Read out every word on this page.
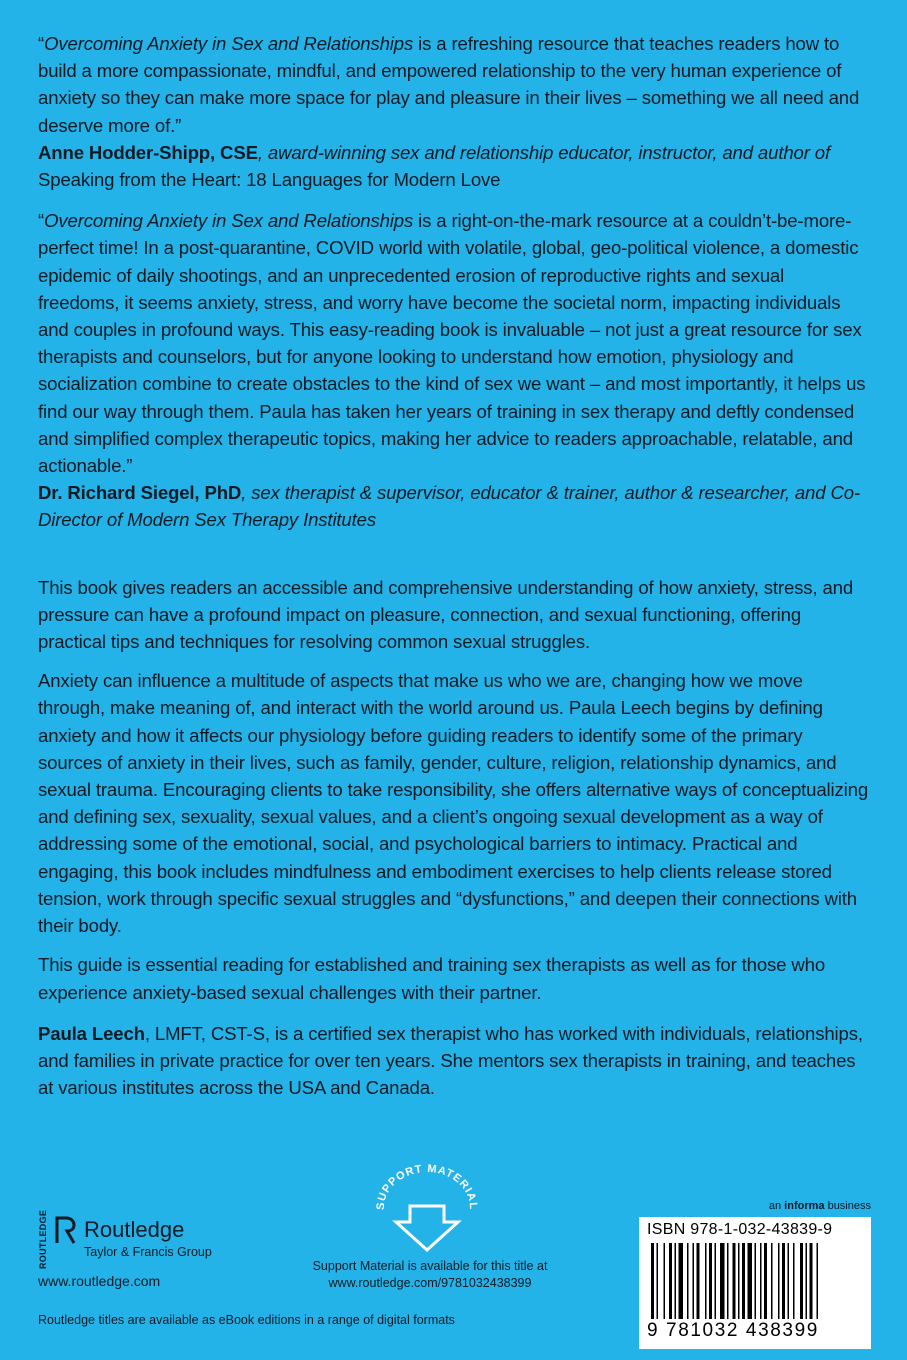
“Overcoming Anxiety in Sex and Relationships is a refreshing resource that teaches readers how to build a more compassionate, mindful, and empowered relationship to the very human experience of anxiety so they can make more space for play and pleasure in their lives – something we all need and deserve more of.”

Anne Hodder-Shipp, CSE, award-winning sex and relationship educator, instructor, and author of Speaking from the Heart: 18 Languages for Modern Love

“Overcoming Anxiety in Sex and Relationships is a right-on-the-mark resource at a couldn’t-be-more-perfect time! In a post-quarantine, COVID world with volatile, global, geo-political violence, a domestic epidemic of daily shootings, and an unprecedented erosion of reproductive rights and sexual freedoms, it seems anxiety, stress, and worry have become the societal norm, impacting individuals and couples in profound ways. This easy-reading book is invaluable – not just a great resource for sex therapists and counselors, but for anyone looking to understand how emotion, physiology and socialization combine to create obstacles to the kind of sex we want – and most importantly, it helps us find our way through them. Paula has taken her years of training in sex therapy and deftly condensed and simplified complex therapeutic topics, making her advice to readers approachable, relatable, and actionable.”

Dr. Richard Siegel, PhD, sex therapist & supervisor, educator & trainer, author & researcher, and Co-Director of Modern Sex Therapy Institutes

This book gives readers an accessible and comprehensive understanding of how anxiety, stress, and pressure can have a profound impact on pleasure, connection, and sexual functioning, offering practical tips and techniques for resolving common sexual struggles.

Anxiety can influence a multitude of aspects that make us who we are, changing how we move through, make meaning of, and interact with the world around us. Paula Leech begins by defining anxiety and how it affects our physiology before guiding readers to identify some of the primary sources of anxiety in their lives, such as family, gender, culture, religion, relationship dynamics, and sexual trauma. Encouraging clients to take responsibility, she offers alternative ways of conceptualizing and defining sex, sexuality, sexual values, and a client’s ongoing sexual development as a way of addressing some of the emotional, social, and psychological barriers to intimacy. Practical and engaging, this book includes mindfulness and embodiment exercises to help clients release stored tension, work through specific sexual struggles and “dysfunctions,” and deepen their connections with their body.

This guide is essential reading for established and training sex therapists as well as for those who experience anxiety-based sexual challenges with their partner.

Paula Leech, LMFT, CST-S, is a certified sex therapist who has worked with individuals, relationships, and families in private practice for over ten years. She mentors sex therapists in training, and teaches at various institutes across the USA and Canada.

ROUTLEDGE Routledge
Taylor & Francis Group
www.routledge.com
Routledge titles are available as eBook editions in a range of digital formats
SUPPORT MATERIAL
Support Material is available for this title at
www.routledge.com/9781032438399
an informa business
ISBN 978-1-032-43839-9
9 781032 438399
